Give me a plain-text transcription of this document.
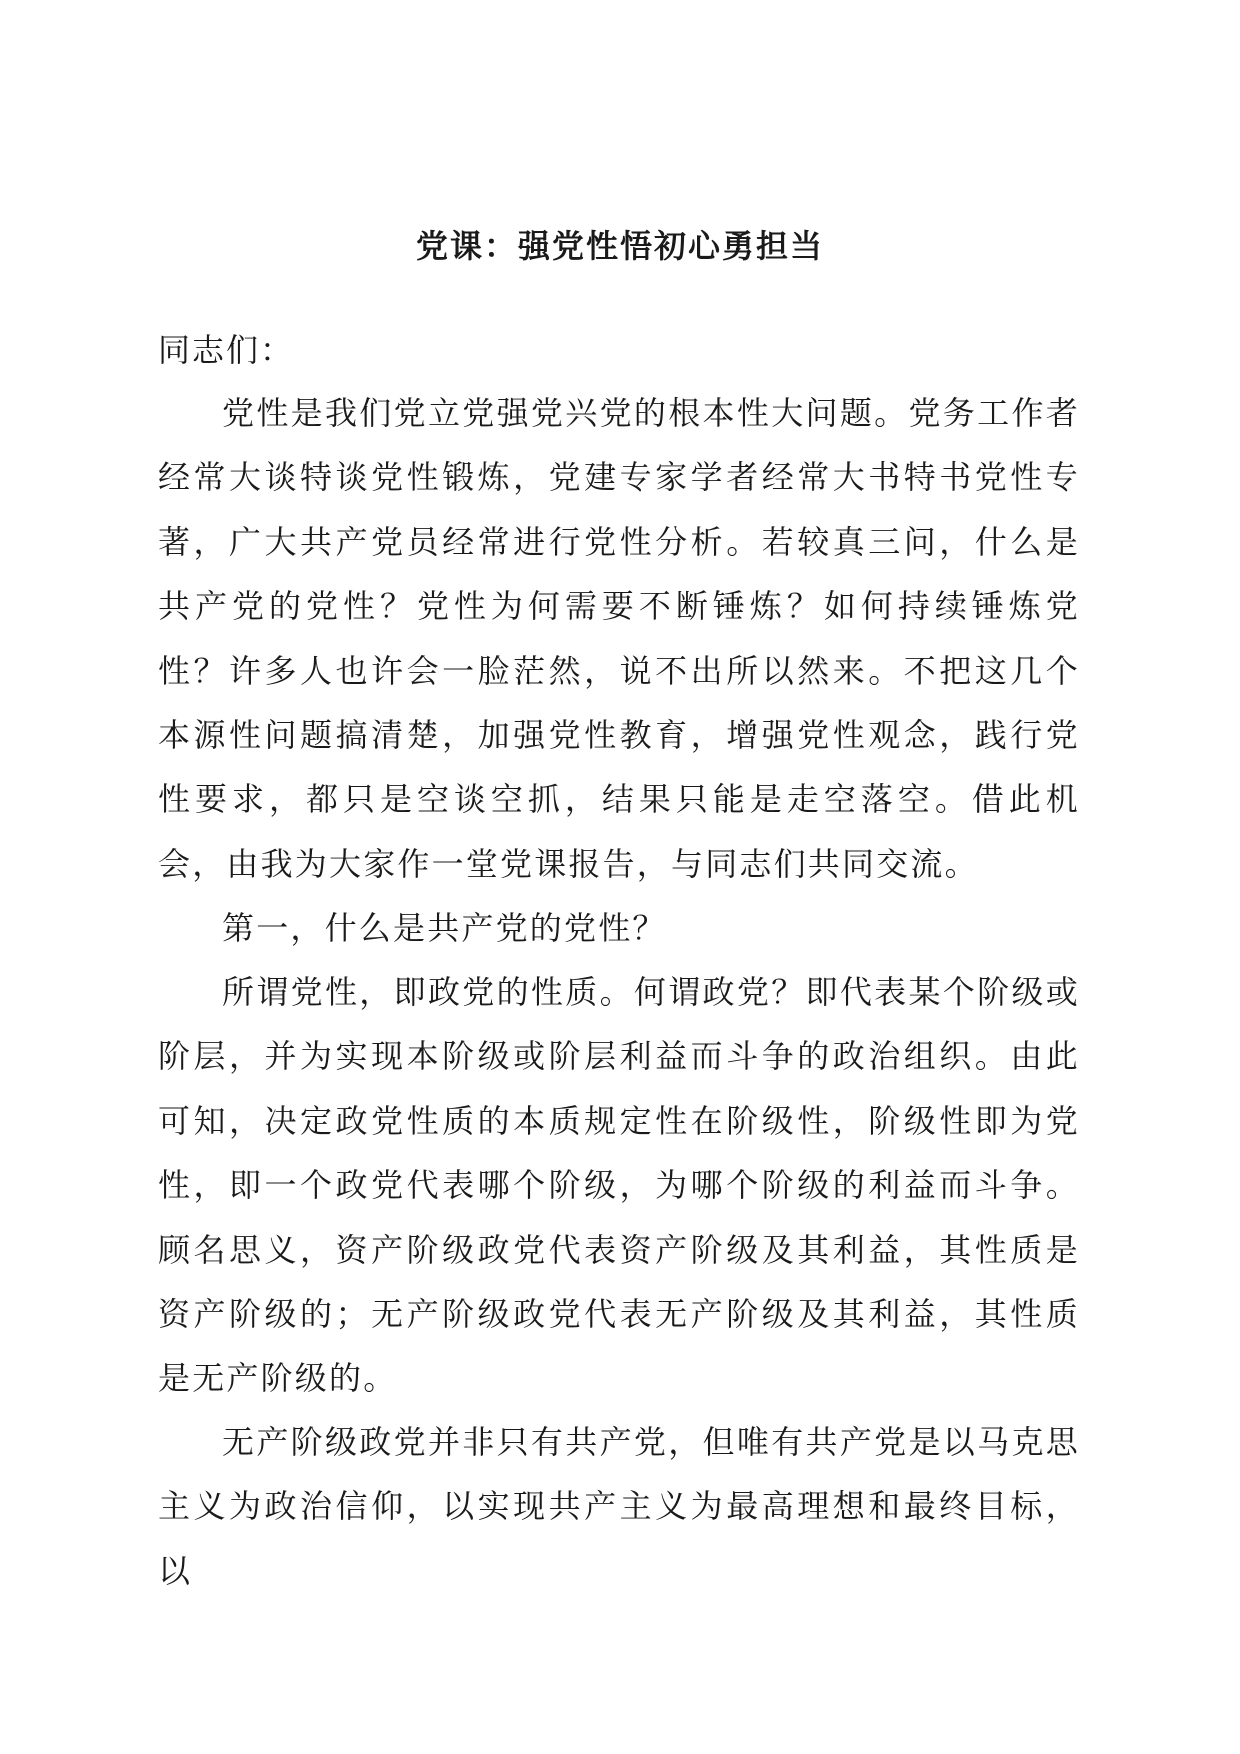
党课：强党性悟初心勇担当
同志们：

党性是我们党立党强党兴党的根本性大问题。党务工作者经常大谈特谈党性锻炼，党建专家学者经常大书特书党性专著，广大共产党员经常进行党性分析。若较真三问，什么是共产党的党性？党性为何需要不断锤炼？如何持续锤炼党性？许多人也许会一脸茫然，说不出所以然来。不把这几个本源性问题搞清楚，加强党性教育，增强党性观念，践行党性要求，都只是空谈空抓，结果只能是走空落空。借此机会，由我为大家作一堂党课报告，与同志们共同交流。

第一，什么是共产党的党性？

所谓党性，即政党的性质。何谓政党？即代表某个阶级或阶层，并为实现本阶级或阶层利益而斗争的政治组织。由此可知，决定政党性质的本质规定性在阶级性，阶级性即为党性，即一个政党代表哪个阶级，为哪个阶级的利益而斗争。顾名思义，资产阶级政党代表资产阶级及其利益，其性质是资产阶级的；无产阶级政党代表无产阶级及其利益，其性质是无产阶级的。

无产阶级政党并非只有共产党，但唯有共产党是以马克思主义为政治信仰，以实现共产主义为最高理想和最终目标，以
